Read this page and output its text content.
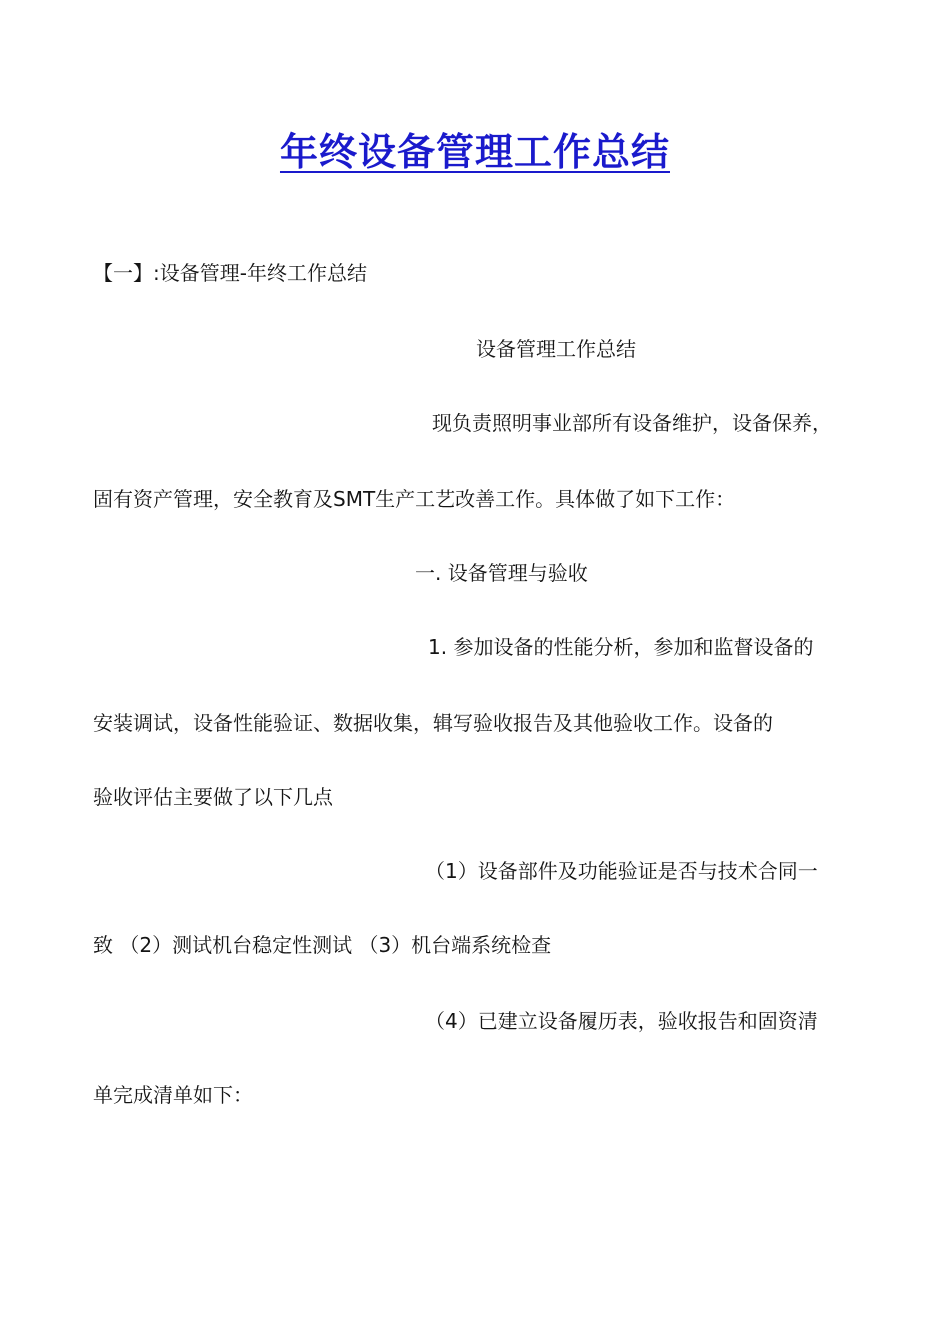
年终设备管理工作总结
【一】:设备管理-年终工作总结
设备管理工作总结
现负责照明事业部所有设备维护，设备保养，
固有资产管理，安全教育及SMT生产工艺改善工作。具体做了如下工作：
一. 设备管理与验收
1. 参加设备的性能分析，参加和监督设备的
安装调试，设备性能验证、数据收集，辑写验收报告及其他验收工作。设备的
验收评估主要做了以下几点
（1）设备部件及功能验证是否与技术合同一
致 （2）测试机台稳定性测试 （3）机台端系统检查
（4）已建立设备履历表，验收报告和固资清
单完成清单如下：
